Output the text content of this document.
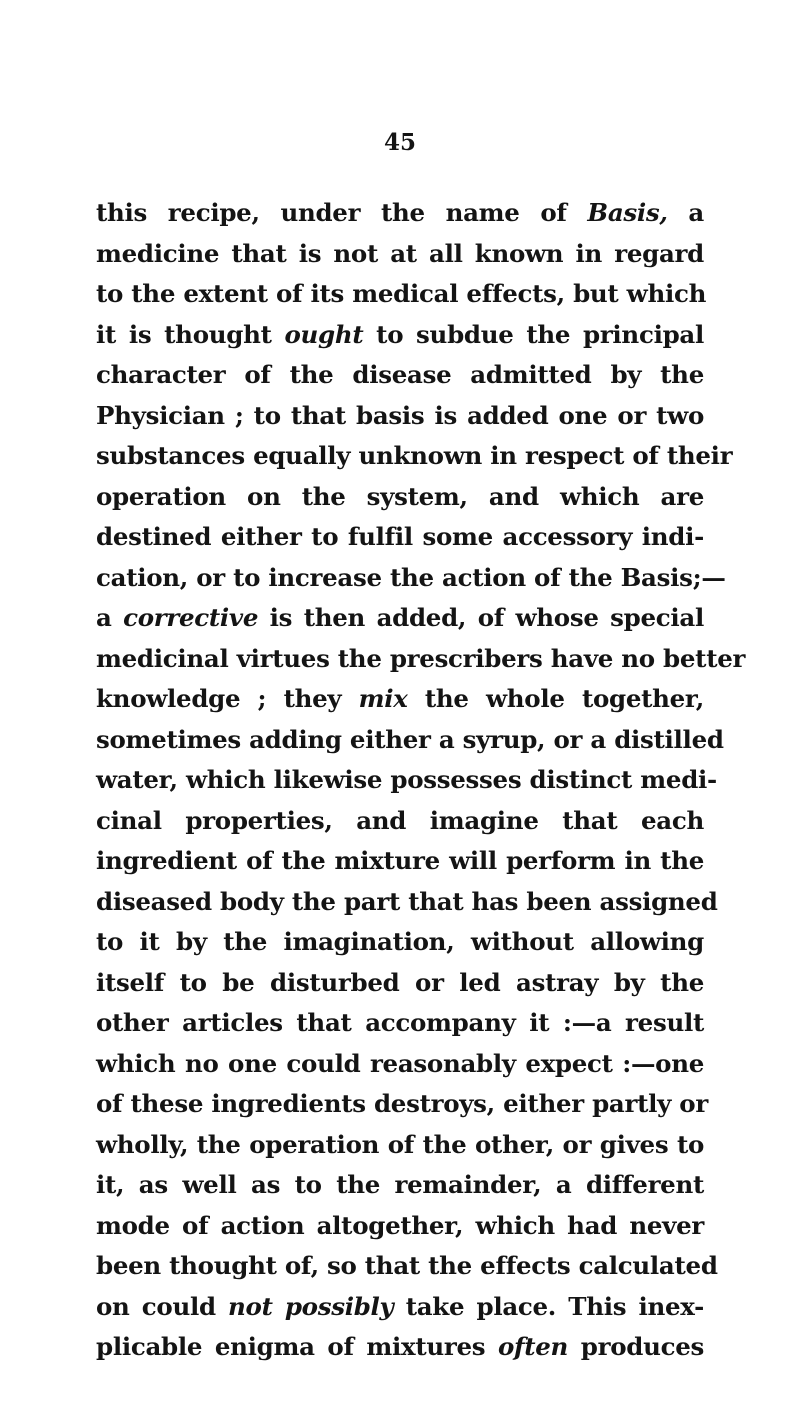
45
this recipe, under the name of Basis, a
medicine that is not at all known in regard
to the extent of its medical effects, but which
it is thought ought to subdue the principal
character of the disease admitted by the
Physician ; to that basis is added one or two
substances equally unknown in respect of their
operation on the system, and which are
destined either to fulfil some accessory indi-
cation, or to increase the action of the Basis;—
a corrective is then added, of whose special
medicinal virtues the prescribers have no better
knowledge ; they mix the whole together,
sometimes adding either a syrup, or a distilled
water, which likewise possesses distinct medi-
cinal properties, and imagine that each
ingredient of the mixture will perform in the
diseased body the part that has been assigned
to it by the imagination, without allowing
itself to be disturbed or led astray by the
other articles that accompany it :—a result
which no one could reasonably expect :—one
of these ingredients destroys, either partly or
wholly, the operation of the other, or gives to
it, as well as to the remainder, a different
mode of action altogether, which had never
been thought of, so that the effects calculated
on could not possibly take place. This inex-
plicable enigma of mixtures often produces
